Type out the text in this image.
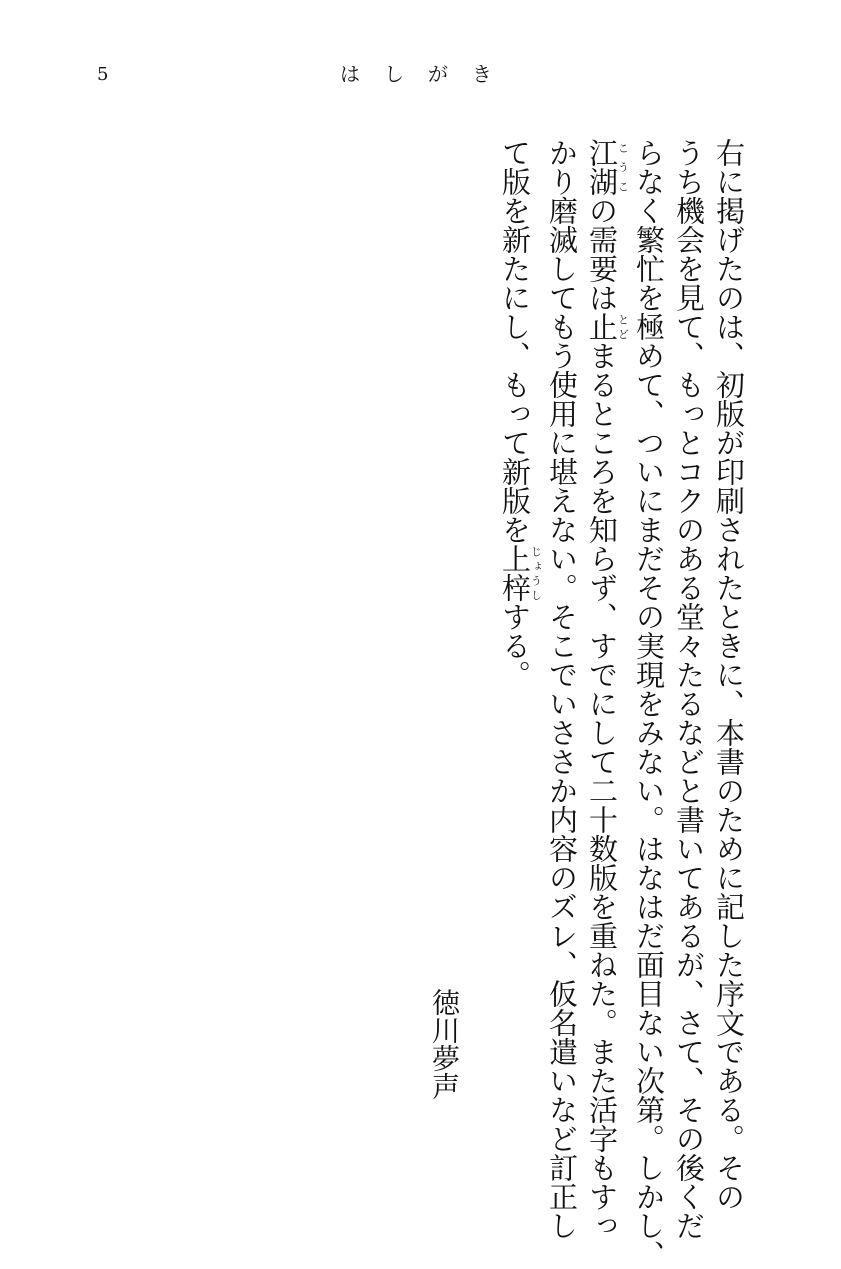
5	はしがき
右に掲げたのは、初版が印刷されたときに、本書のために記した序文である。その
うち機会を見て、もっとコクのある堂々たるなどと書いてあるが、さて、その後くだ
らなく繁忙を極めて、ついにまだその実現をみない。はなはだ面目ない次第。しかし、
江湖こうこの需要は止とどまるところを知らず、すでにして二十数版を重ねた。また活字もすっ
かり磨滅してもう使用に堪えない。そこでいささか内容のズレ、仮名遣いなど訂正し
て版を新たにし、もって新版を上梓じょうしする。
徳川夢声
